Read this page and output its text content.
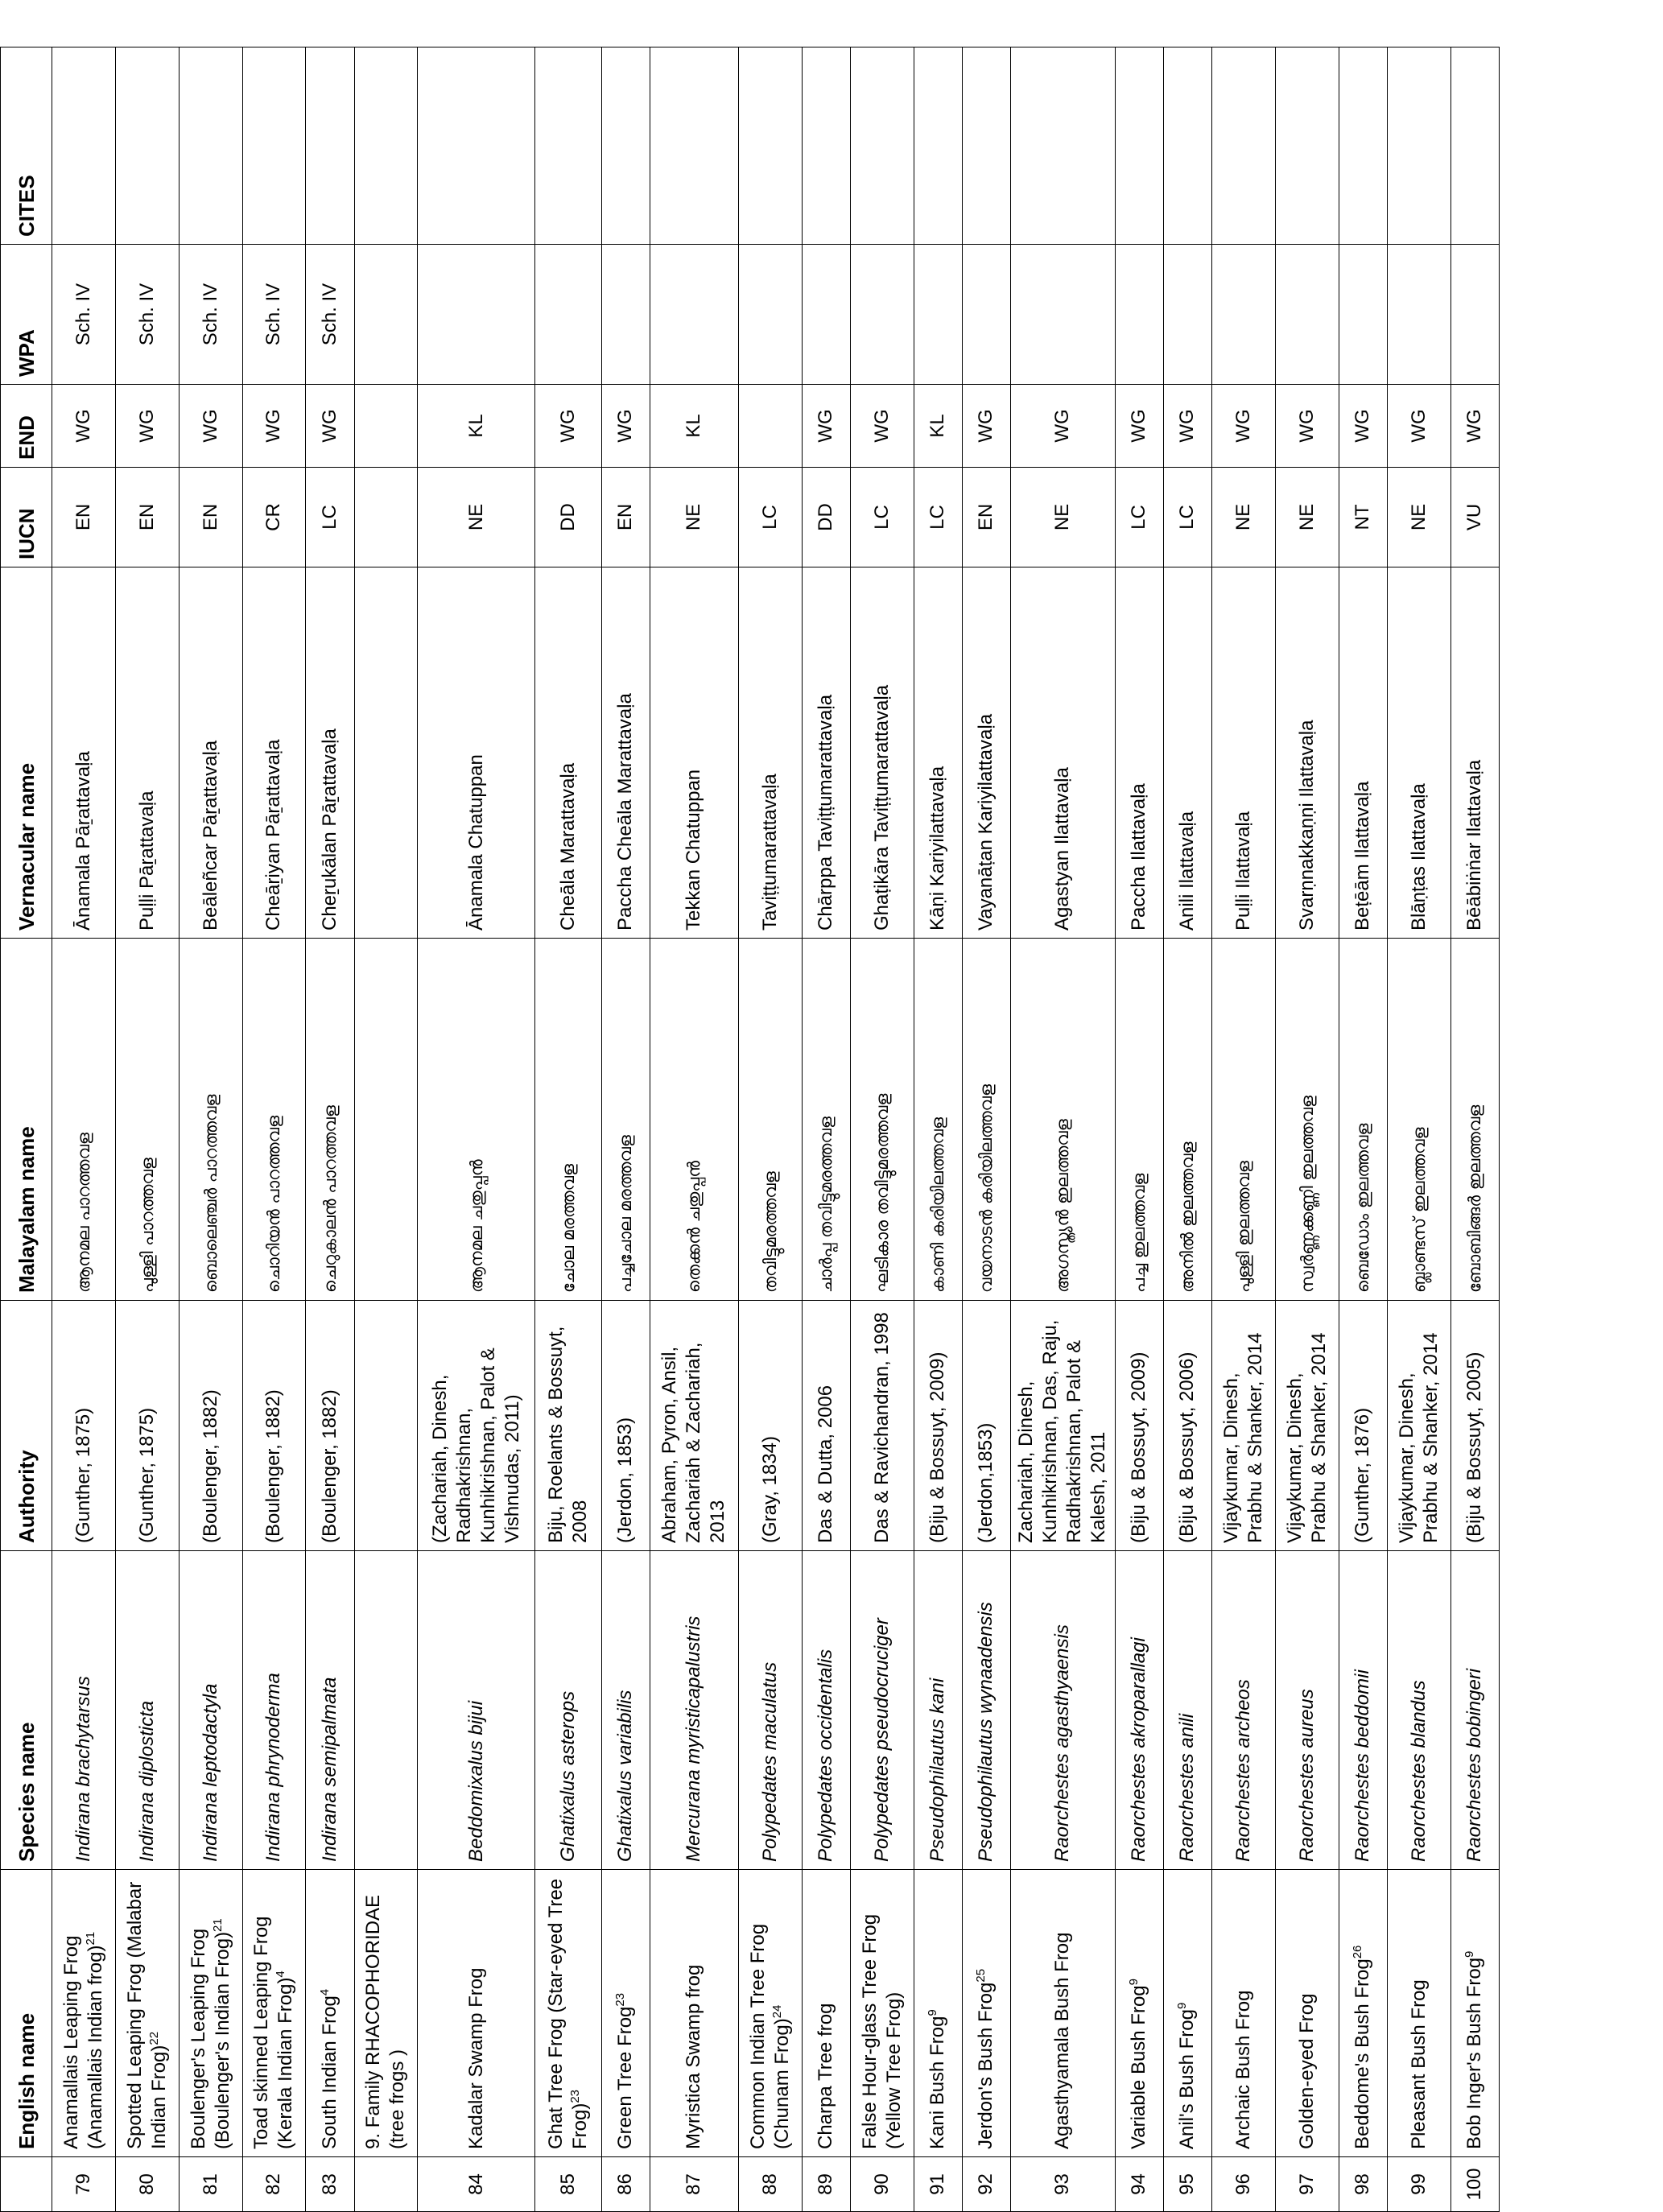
	English name	Species name	Authority	Malayalam name	Vernacular name	IUCN	END	WPA	CITES
79	Anamallais Leaping Frog (Anamallais Indian frog)$^{21}$	Indirana brachytarsus	(Gunther, 1875)	ആനമല പാറത്തവള	Ānamala Pāṟattavaḷa	EN	WG	Sch. IV	
80	Spotted Leaping Frog (Malabar Indian Frog)$^{22}$	Indirana diplosticta	(Gunther, 1875)	പുള്ളി പാറത്തവള	Puḷḷi Pāṟattavaḷa	EN	WG	Sch. IV	
81	Boulenger's Leaping Frog (Boulenger's Indian Frog)$^{21}$	Indirana leptodactyla	(Boulenger, 1882)	ബൊലെഞ്ചര്‍ പാറത്തവള	Beāleñcar Pāṟattavaḷa	EN	WG	Sch. IV	
82	Toad skinned Leaping Frog (Kerala Indian Frog)$^4$	Indirana phrynoderma	(Boulenger, 1882)	ചൊറിയന്‍ പാറത്തവള	Cheāṟiyan Pāṟattavaḷa	CR	WG	Sch. IV	
83	South Indian Frog$^4$	Indirana semipalmata	(Boulenger, 1882)	ചെറുകാലന്‍ പാറത്തവള	Cheṟukālan Pāṟattavaḷa	LC	WG	Sch. IV	
	9. Family RHACOPHORIDAE (tree frogs )								
84	Kadalar Swamp Frog	Beddomixalus bijui	(Zachariah, Dinesh, Radhakrishnan, Kunhikrishnan, Palot & Vishnudas, 2011)	ആനമല ചതുപ്പന്‍	Ānamala Chatuppan	NE	KL		
85	Ghat Tree Frog (Star-eyed Tree Frog)$^{23}$	Ghatixalus asterops	Biju, Roelants & Bossuyt, 2008	ചോല മരത്തവള	Cheāla Marattavaḷa	DD	WG		
86	Green Tree Frog$^{23}$	Ghatixalus variabilis	(Jerdon, 1853)	പച്ചചോല മരത്തവള	Paccha Cheāla Marattavaḷa	EN	WG		
87	Myristica Swamp frog	Mercurana myristicapalustris	Abraham, Pyron, Ansil, Zachariah & Zachariah, 2013	തെക്കന്‍ ചതുപ്പന്‍	Tekkan Chatuppan	NE	KL		
88	Common Indian Tree Frog (Chunam Frog)$^{24}$	Polypedates maculatus	(Gray, 1834)	തവിട്ടുമരത്തവള	Taviṭṭumarattavaḷa	LC			
89	Charpa Tree frog	Polypedates occidentalis	Das & Dutta, 2006	ചാര്‍പ്പ തവിട്ടുമരത്തവള	Chārppa Taviṭṭumarattavaḷa	DD	WG		
90	False Hour-glass Tree Frog (Yellow Tree Frog)	Polypedates pseudocruciger	Das & Ravichandran, 1998	ഘടികാര തവിട്ടുമരത്തവള	Ghaṭikāra Taviṭṭumarattavaḷa	LC	WG		
91	Kani Bush Frog$^9$	Pseudophilautus kani	(Biju & Bossuyt, 2009)	കാണി കരിയിലത്തവള	Kāṇi Kariyilattavaḷa	LC	KL		
92	Jerdon's Bush Frog$^{25}$	Pseudophilautus wynaadensis	(Jerdon,1853)	വയനാടന്‍ കരിയിലത്തവള	Vayanāṭan Kariyilattavaḷa	EN	WG		
93	Agasthyamala Bush Frog	Raorchestes agasthyaensis	Zachariah, Dinesh, Kunhikrishnan, Das, Raju, Radhakrishnan, Palot & Kalesh, 2011	അഗസ്ത്യന്‍ ഇലത്തവള	Agastyan Ilattavaḷa	NE	WG		
94	Variable Bush Frog$^9$	Raorchestes akroparallagi	(Biju & Bossuyt, 2009)	പച്ച ഇലത്തവള	Paccha Ilattavaḷa	LC	WG		
95	Anil's Bush Frog$^9$	Raorchestes anili	(Biju & Bossuyt, 2006)	അനില്‍ ഇലത്തവള	Anili Ilattavaḷa	LC	WG		
96	Archaic Bush Frog	Raorchestes archeos	Vijaykumar, Dinesh, Prabhu & Shanker, 2014	പുള്ളി ഇലത്തവള	Puḷḷi Ilattavaḷa	NE	WG		
97	Golden-eyed Frog	Raorchestes aureus	Vijaykumar, Dinesh, Prabhu & Shanker, 2014	സ്വര്‍ണ്ണക്കണ്ണി ഇലത്തവള	Svarṇnakkaṇṇi Ilattavaḷa	NE	WG		
98	Beddome's Bush Frog$^{26}$	Raorchestes beddomii	(Gunther, 1876)	ബെഡോം ഇലത്തവള	Beṭēām Ilattavaḷa	NT	WG		
99	Pleasant Bush Frog	Raorchestes blandus	Vijaykumar, Dinesh, Prabhu & Shanker, 2014	ബ്ലാണ്ടസ് ഇലത്തവള	Blāṇṭas Ilattavaḷa	NE	WG		
100	Bob Inger's Bush Frog$^9$	Raorchestes bobingeri	(Biju & Bossuyt, 2005)	ബോബിങ്ങര്‍ ഇലത്തവള	Bēābiṅṅar Ilattavaḷa	VU	WG		
